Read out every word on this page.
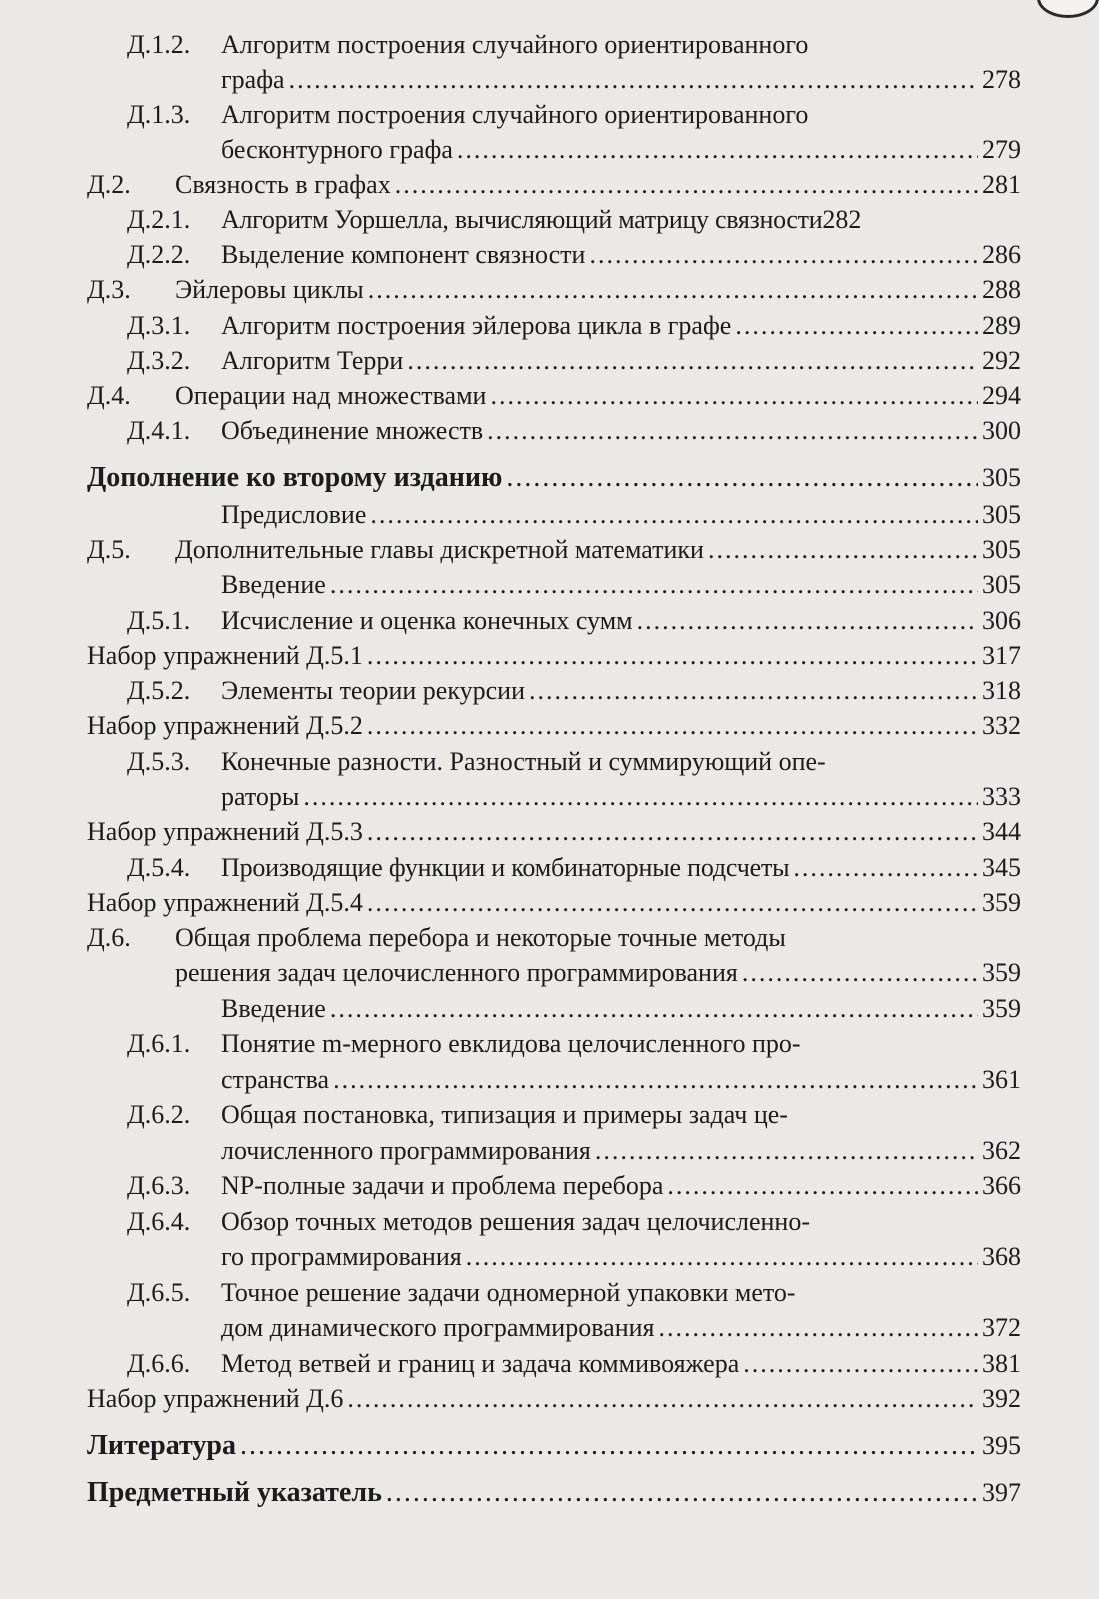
Д.1.2.	Алгоритм построения случайного ориентированного
графа .....	278
Д.1.3.	Алгоритм построения случайного ориентированного
бесконтурного графа .....	279
Д.2.	Связность в графах .....	281
Д.2.1.	Алгоритм Уоршелла, вычисляющий матрицу связности 282
Д.2.2.	Выделение компонент связности .....	286
Д.3.	Эйлеровы циклы .....	288
Д.3.1.	Алгоритм построения эйлерова цикла в графе .....	289
Д.3.2.	Алгоритм Терри .....	292
Д.4.	Операции над множествами .....	294
Д.4.1.	Объединение множеств .....	300
Дополнение ко второму изданию .....	305
Предисловие .....	305
Д.5.	Дополнительные главы дискретной математики .....	305
Введение .....	305
Д.5.1.	Исчисление и оценка конечных сумм .....	306
Набор упражнений Д.5.1 .....	317
Д.5.2.	Элементы теории рекурсии .....	318
Набор упражнений Д.5.2 .....	332
Д.5.3.	Конечные разности. Разностный и суммирующий опе-
раторы .....	333
Набор упражнений Д.5.3 .....	344
Д.5.4.	Производящие функции и комбинаторные подсчеты .....	345
Набор упражнений Д.5.4 .....	359
Д.6.	Общая проблема перебора и некоторые точные методы
решения задач целочисленного программирования .....	359
Введение .....	359
Д.6.1.	Понятие m-мерного евклидова целочисленного про-
странства .....	361
Д.6.2.	Общая постановка, типизация и примеры задач це-
лочисленного программирования .....	362
Д.6.3.	NP-полные задачи и проблема перебора .....	366
Д.6.4.	Обзор точных методов решения задач целочисленно-
го программирования .....	368
Д.6.5.	Точное решение задачи одномерной упаковки мето-
дом динамического программирования .....	372
Д.6.6.	Метод ветвей и границ и задача коммивояжера .....	381
Набор упражнений Д.6 .....	392
Литература .....	395
Предметный указатель .....	397
